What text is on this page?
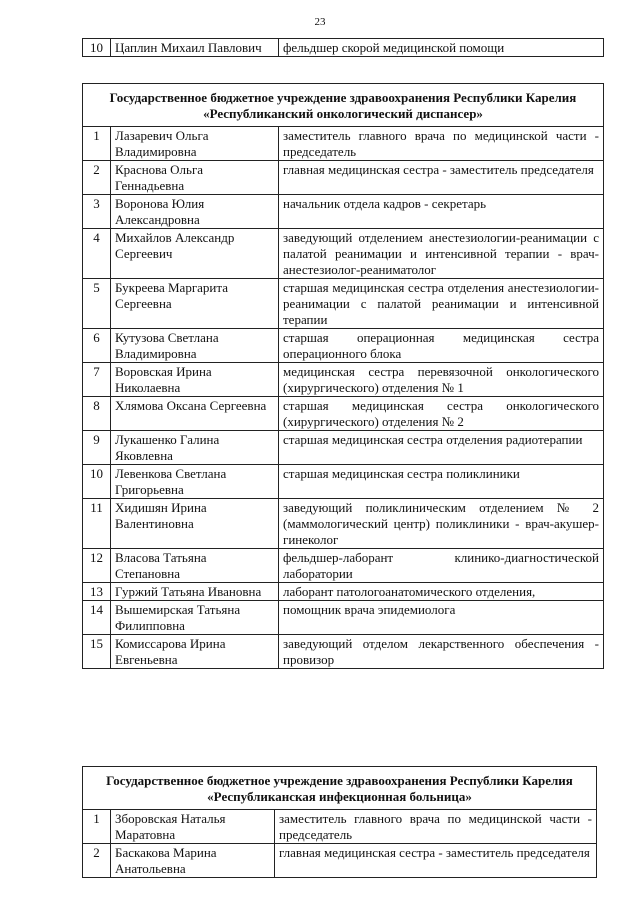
23
10	Цаплин Михаил Павлович	фельдшер скорой медицинской помощи
Государственное бюджетное учреждение здравоохранения Республики Карелия «Республиканский онкологический диспансер»		
1	Лазаревич Ольга Владимировна	заместитель главного врача по медицинской части - председатель
2	Краснова Ольга Геннадьевна	главная медицинская сестра - заместитель председателя
3	Воронова Юлия Александровна	начальник отдела кадров - секретарь
4	Михайлов Александр Сергеевич	заведующий отделением анестезиологии-реанимации с палатой реанимации и интенсивной терапии - врач-анестезиолог-реаниматолог
5	Букреева Маргарита Сергеевна	старшая медицинская сестра отделения анестезиологии-реанимации с палатой реанимации и интенсивной терапии
6	Кутузова Светлана Владимировна	старшая операционная медицинская сестра операционного блока
7	Воровская Ирина Николаевна	медицинская сестра перевязочной онкологического (хирургического) отделения № 1
8	Хлямова Оксана Сергеевна	старшая медицинская сестра онкологического (хирургического) отделения № 2
9	Лукашенко Галина Яковлевна	старшая медицинская сестра отделения радиотерапии
10	Левенкова Светлана Григорьевна	старшая медицинская сестра поликлиники
11	Хидишян Ирина Валентиновна	заведующий поликлиническим отделением № 2 (маммологический центр) поликлиники - врач-акушер-гинеколог
12	Власова Татьяна Степановна	фельдшер-лаборант клинико-диагностической лаборатории
13	Гуржий Татьяна Ивановна	лаборант патологоанатомического отделения,
14	Вышемирская Татьяна Филипповна	помощник врача эпидемиолога
15	Комиссарова Ирина Евгеньевна	заведующий отделом лекарственного обеспечения - провизор
Государственное бюджетное учреждение здравоохранения Республики Карелия «Республиканская инфекционная больница»		
1	Зборовская Наталья Маратовна	заместитель главного врача по медицинской части - председатель
2	Баскакова Марина Анатольевна	главная медицинская сестра - заместитель председателя
